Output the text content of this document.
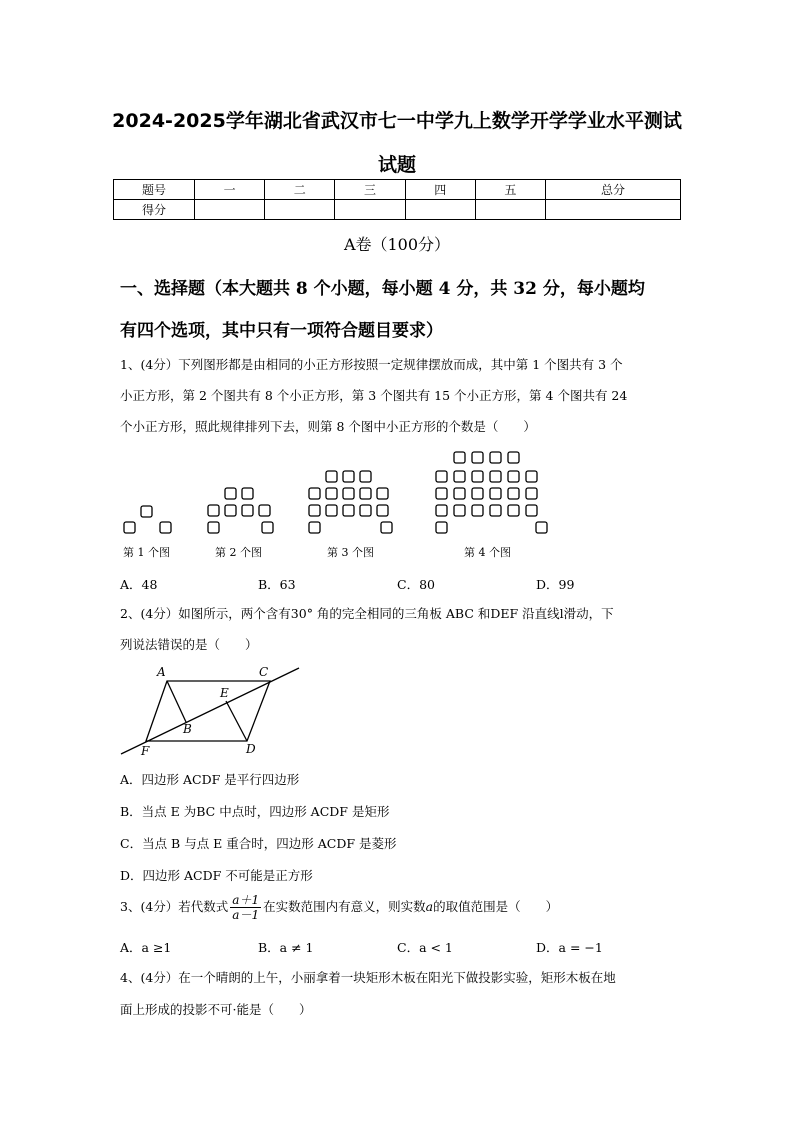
2024-2025学年湖北省武汉市七一中学九上数学开学学业水平测试
试题
题号	一	二	三	四	五	总分
得分						
A卷（100分）
一、选择题（本大题共 8 个小题，每小题 4 分，共 32 分，每小题均
有四个选项，其中只有一项符合题目要求）
1、(4分）下列图形都是由相同的小正方形按照一定规律摆放而成，其中第 1 个图共有 3 个
小正方形，第 2 个图共有 8 个小正方形，第 3 个图共有 15 个小正方形，第 4 个图共有 24
个小正方形，照此规律排列下去，则第 8 个图中小正方形的个数是（　　）
第 1 个图	第 2 个图	第 3 个图	第 4 个图
A．48	B．63	C．80	D．99
2、(4分）如图所示，两个含有30° 角的完全相同的三角板 ABC 和DEF 沿直线l滑动，下
列说法错误的是（　　）
A	C
E
B
F	D
A．四边形 ACDF 是平行四边形
B．当点 E 为BC 中点时，四边形 ACDF 是矩形
C．当点 B 与点 E 重合时，四边形 ACDF 是菱形
D．四边形 ACDF 不可能是正方形
3、(4分）若代数式 $\frac{a+1}{a-1}$ 在实数范围内有意义，则实数a的取值范围是（　　）
A．a ≥1	B．a ≠ 1	C．a < 1	D．a = −1
4、(4分）在一个晴朗的上午，小丽拿着一块矩形木板在阳光下做投影实验，矩形木板在地
面上形成的投影不可·能是（　　）
